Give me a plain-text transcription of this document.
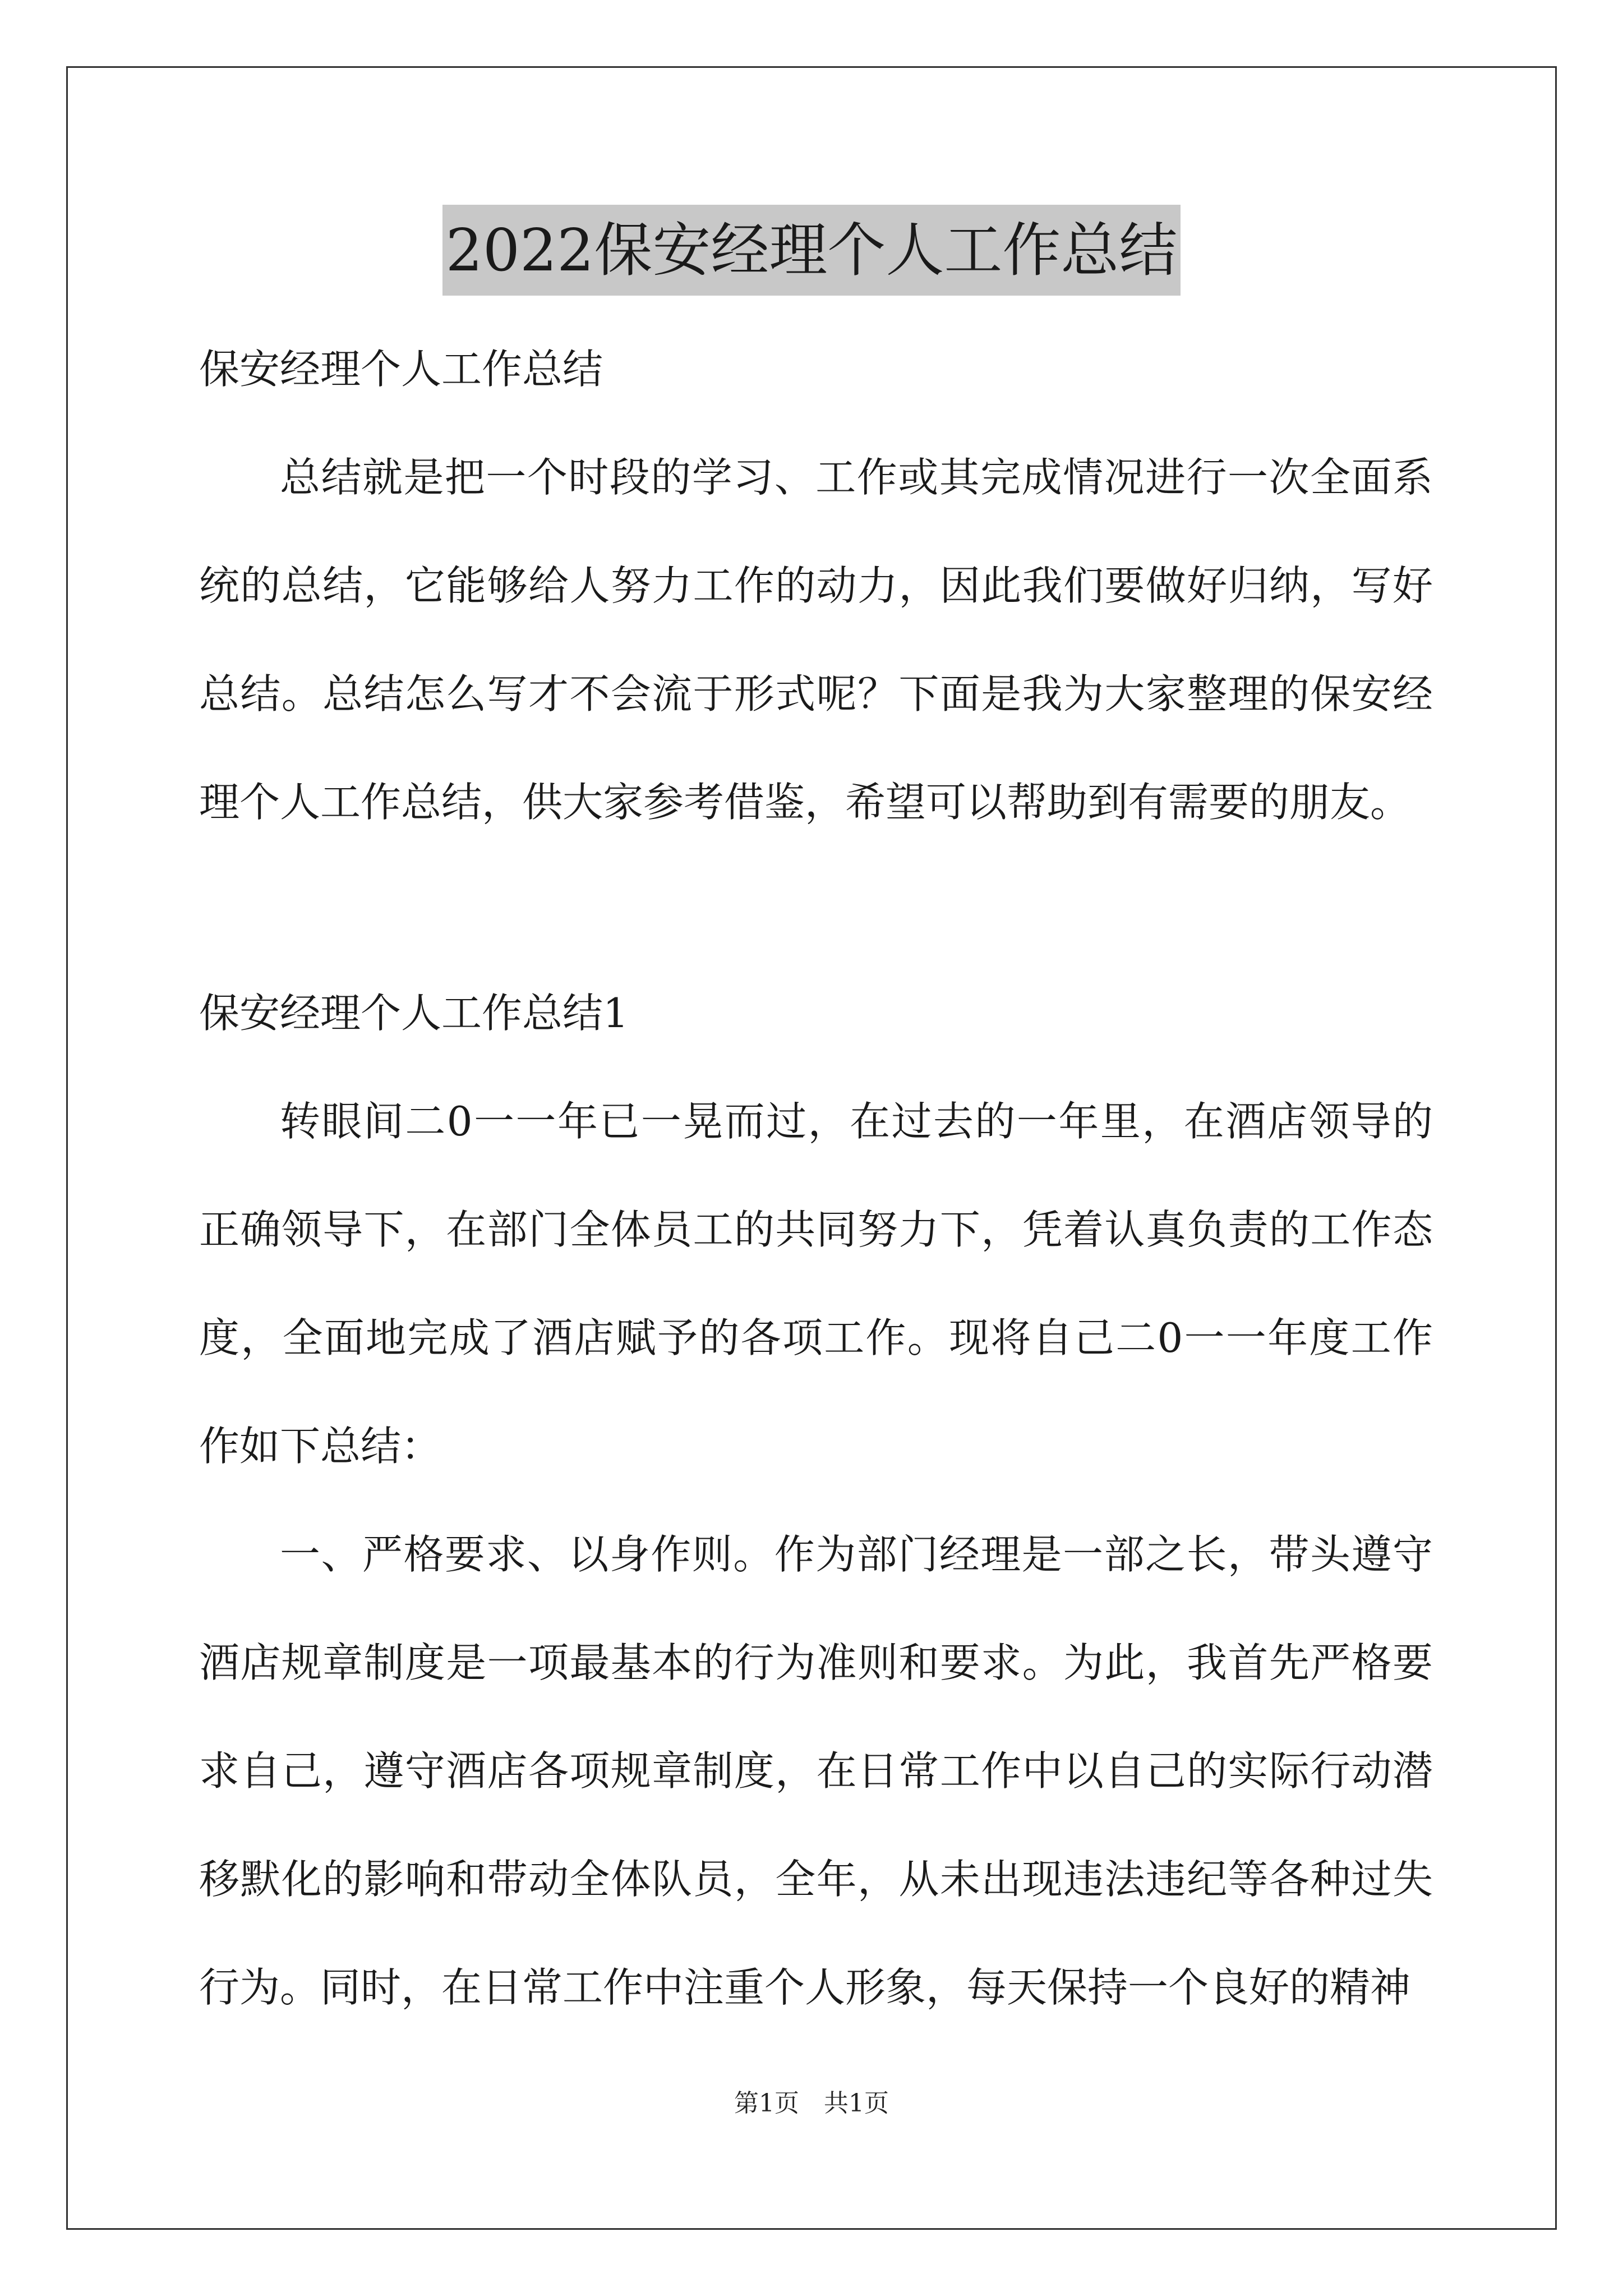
2022保安经理个人工作总结

保安经理个人工作总结

总结就是把一个时段的学习、工作或其完成情况进行一次全面系统的总结，它能够给人努力工作的动力，因此我们要做好归纳，写好总结。总结怎么写才不会流于形式呢？下面是我为大家整理的保安经理个人工作总结，供大家参考借鉴，希望可以帮助到有需要的朋友。

保安经理个人工作总结1

转眼间二0一一年已一晃而过，在过去的一年里，在酒店领导的正确领导下，在部门全体员工的共同努力下，凭着认真负责的工作态度，全面地完成了酒店赋予的各项工作。现将自己二0一一年度工作作如下总结：

一、严格要求、以身作则。作为部门经理是一部之长，带头遵守酒店规章制度是一项最基本的行为准则和要求。为此，我首先严格要求自己，遵守酒店各项规章制度，在日常工作中以自己的实际行动潜移默化的影响和带动全体队员，全年，从未出现违法违纪等各种过失行为。同时，在日常工作中注重个人形象，每天保持一个良好的精神

第1页　共1页
